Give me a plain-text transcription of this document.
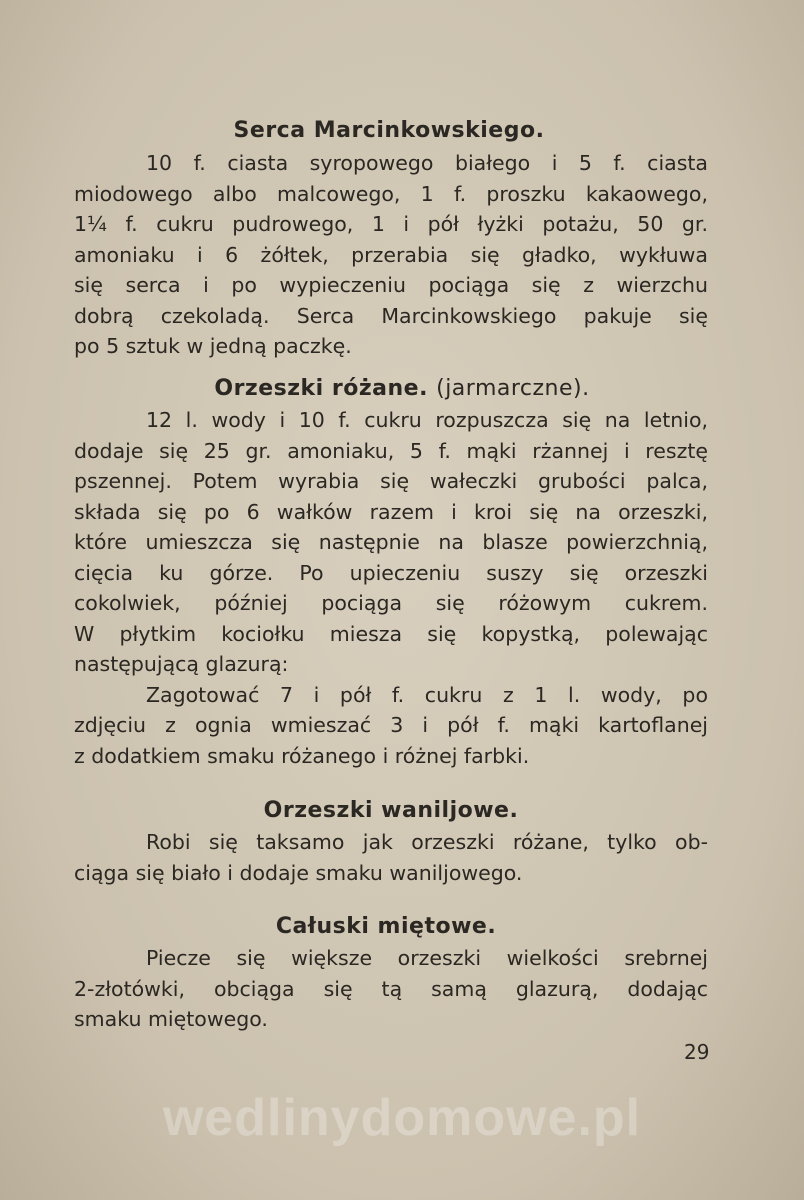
Serca Marcinkowskiego.

10 f. ciasta syropowego białego i 5 f. ciasta

miodowego albo malcowego, 1 f. proszku kakaowego,

1¼ f. cukru pudrowego, 1 i pół łyżki potażu, 50 gr.

amoniaku i 6 żółtek, przerabia się gładko, wykłuwa

się serca i po wypieczeniu pociąga się z wierzchu

dobrą czekoladą. Serca Marcinkowskiego pakuje się

po 5 sztuk w jedną paczkę.

Orzeszki różane. (jarmarczne).

12 l. wody i 10 f. cukru rozpuszcza się na letnio,

dodaje się 25 gr. amoniaku, 5 f. mąki rżannej i resztę

pszennej. Potem wyrabia się wałeczki grubości palca,

składa się po 6 wałków razem i kroi się na orzeszki,

które umieszcza się następnie na blasze powierzchnią,

cięcia ku górze. Po upieczeniu suszy się orzeszki

cokolwiek, później pociąga się różowym cukrem.

W płytkim kociołku miesza się kopystką, polewając

następującą glazurą:

Zagotować 7 i pół f. cukru z 1 l. wody, po

zdjęciu z ognia wmieszać 3 i pół f. mąki kartoflanej

z dodatkiem smaku różanego i różnej farbki.

Orzeszki waniljowe.

Robi się taksamo jak orzeszki różane, tylko ob-

ciąga się biało i dodaje smaku waniljowego.

Całuski miętowe.

Piecze się większe orzeszki wielkości srebrnej

2-złotówki, obciąga się tą samą glazurą, dodając

smaku miętowego.

29
wedlinydomowe.pl
